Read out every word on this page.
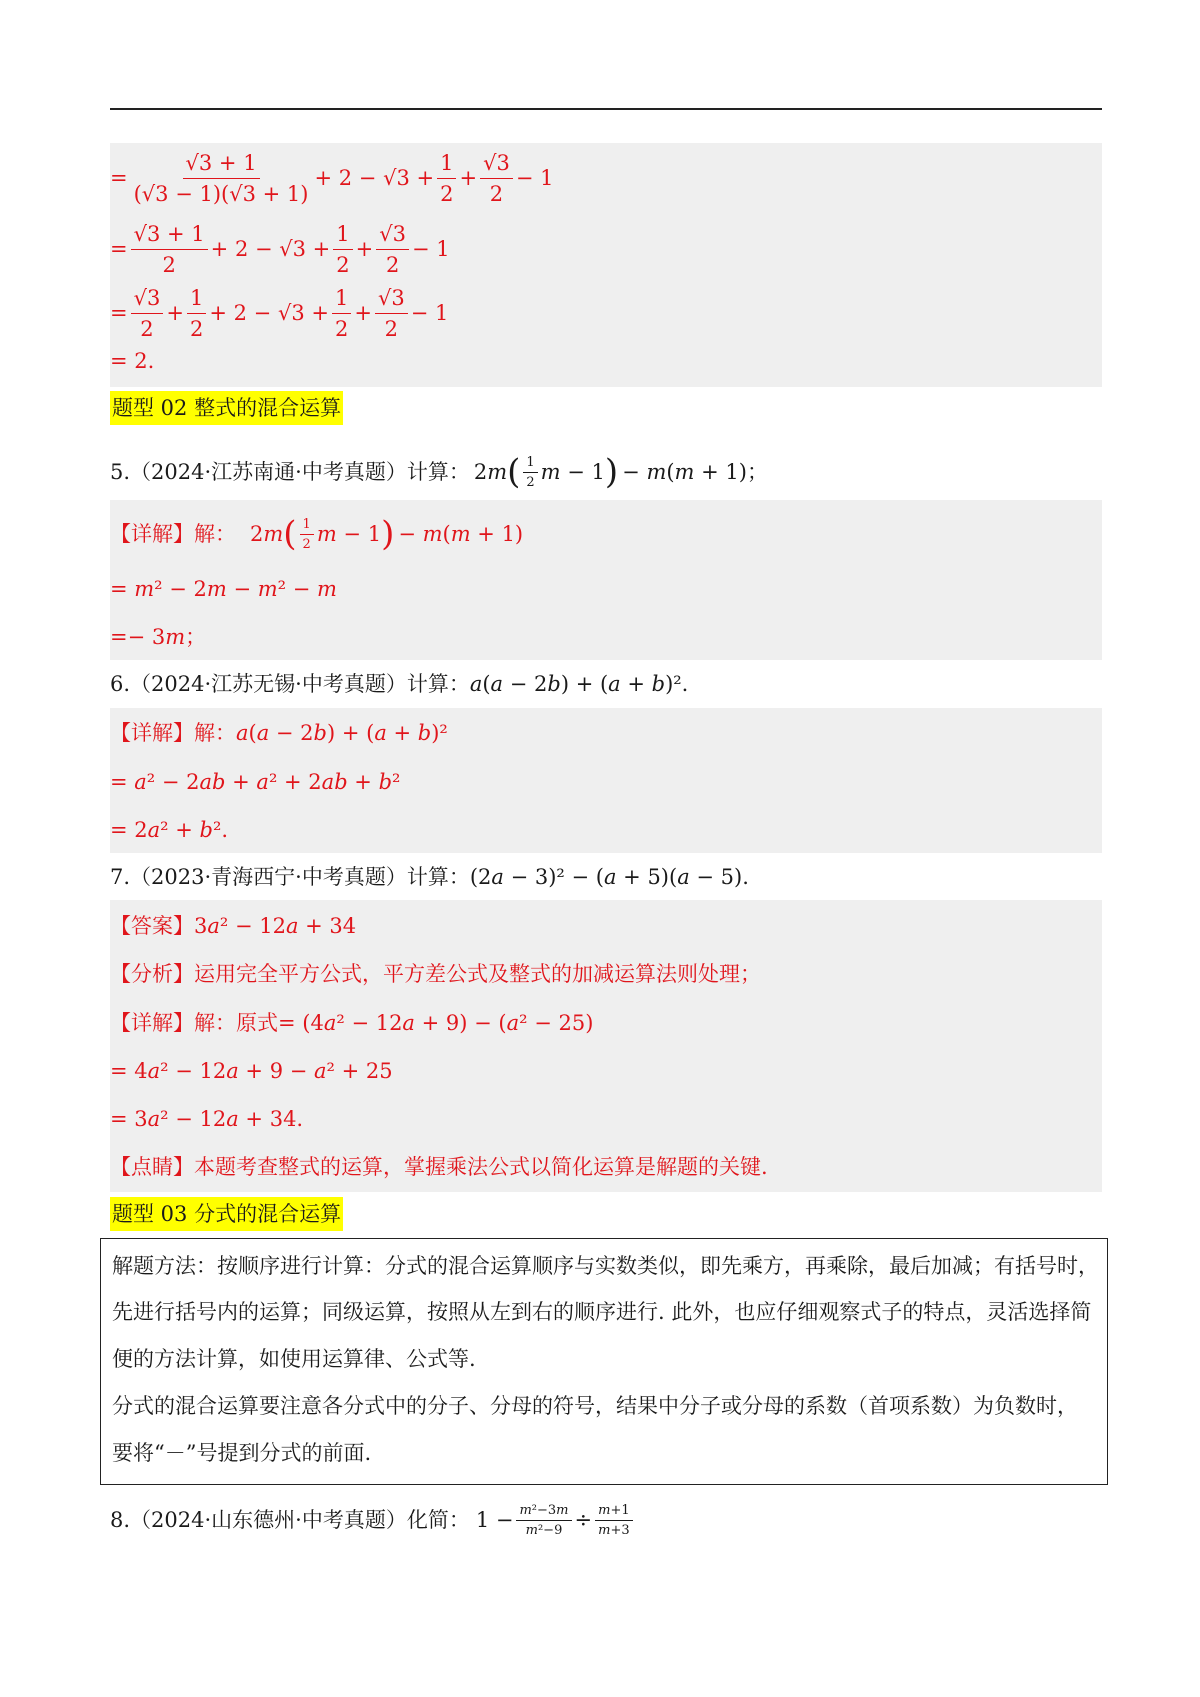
= $\frac{√3 + 1}{(√3 - 1)(√3 + 1)} + 2 - √3 + \frac{1}{2} + \frac{√3}{2} - 1$
= $\frac{√3 + 1}{2} + 2 - √3 + \frac{1}{2} + \frac{√3}{2} - 1$
= $\frac{√3}{2} + \frac{1}{2} + 2 - √3 + \frac{1}{2} + \frac{√3}{2} - 1$
= 2.
题型 02 整式的混合运算
5.（2024·江苏南通·中考真题）计算： 2𝑚 ( $\frac{1}{2}$ 𝑚 − 1 ) − 𝑚(𝑚 + 1)；
【详解】解： 2𝑚 ( $\frac{1}{2}$ 𝑚 − 1 ) − 𝑚(𝑚 + 1)
= 𝑚² − 2𝑚 − 𝑚² − 𝑚
=− 3𝑚；
6.（2024·江苏无锡·中考真题）计算：𝑎(𝑎 − 2𝑏) + (𝑎 + 𝑏)².
【详解】解：𝑎(𝑎 − 2𝑏) + (𝑎 + 𝑏)²
= 𝑎² − 2𝑎𝑏 + 𝑎² + 2𝑎𝑏 + 𝑏²
= 2𝑎² + 𝑏².
7.（2023·青海西宁·中考真题）计算：(2𝑎 − 3)² − (𝑎 + 5)(𝑎 − 5).
【答案】3𝑎² − 12𝑎 + 34
【分析】运用完全平方公式，平方差公式及整式的加减运算法则处理；
【详解】解：原式= (4𝑎² − 12𝑎 + 9) − (𝑎² − 25)
= 4𝑎² − 12𝑎 + 9 − 𝑎² + 25
= 3𝑎² − 12𝑎 + 34.
【点睛】本题考查整式的运算，掌握乘法公式以简化运算是解题的关键.
题型 03 分式的混合运算
解题方法：按顺序进行计算：分式的混合运算顺序与实数类似，即先乘方，再乘除，最后加减；有括号时，
先进行括号内的运算；同级运算，按照从左到右的顺序进行. 此外，也应仔细观察式子的特点，灵活选择简
便的方法计算，如使用运算律、公式等.
分式的混合运算要注意各分式中的分子、分母的符号，结果中分子或分母的系数（首项系数）为负数时，
要将“－”号提到分式的前面.
8.（2024·山东德州·中考真题）化简： $1 - \frac{\text{𝑚²−3𝑚}}{\text{𝑚²−9}} \div \frac{\text{𝑚+1}}{\text{𝑚+3}}$
